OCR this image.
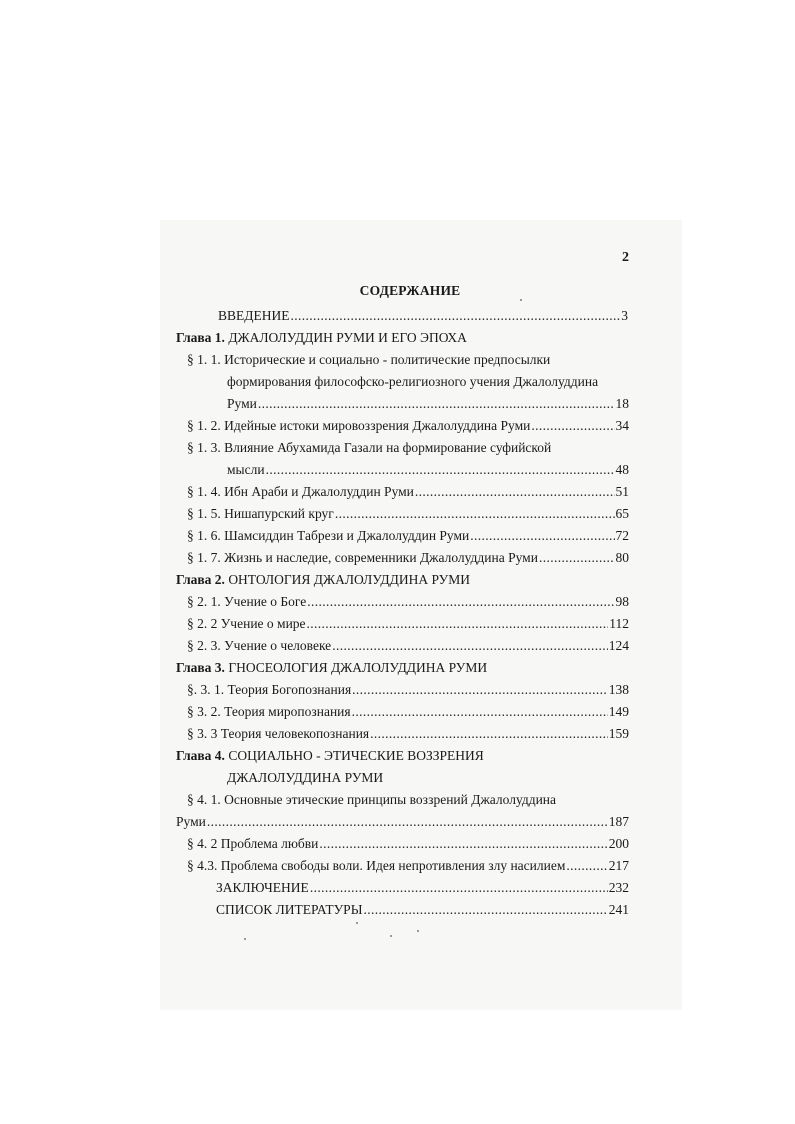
2
СОДЕРЖАНИЕ
ВВЕДЕНИЕ . . .	3
Глава 1. ДЖАЛОЛУДДИН РУМИ И ЕГО ЭПОХА
§ 1. 1. Исторические и социально - политические предпосылки
формирования философско-религиозного учения Джалолуддина
Руми . . .	18
§ 1. 2. Идейные истоки мировоззрения Джалолуддина Руми . . .	34
§ 1. 3. Влияние Абухамида Газали на формирование суфийской
мысли . . .	48
§ 1. 4. Ибн Араби и Джалолуддин Руми . . .	51
§ 1. 5. Нишапурский круг . . .	65
§ 1. 6. Шамсиддин Табрези и Джалолуддин Руми . . .	72
§ 1. 7. Жизнь и наследие, современники Джалолуддина Руми . . .	80
Глава 2. ОНТОЛОГИЯ ДЖАЛОЛУДДИНА РУМИ
§ 2. 1. Учение о Боге . . .	98
§ 2. 2 Учение о мире . . .	112
§ 2. 3. Учение о человеке . . .	124
Глава 3. ГНОСЕОЛОГИЯ ДЖАЛОЛУДДИНА РУМИ
§. 3. 1. Теория Богопознания . . .	138
§ 3. 2. Теория миропознания . . .	149
§ 3. 3 Теория человекопознания . . .	159
Глава 4. СОЦИАЛЬНО - ЭТИЧЕСКИЕ ВОЗЗРЕНИЯ
ДЖАЛОЛУДДИНА РУМИ
§ 4. 1. Основные этические принципы воззрений Джалолуддина
Руми . . .	187
§ 4. 2 Проблема любви . . .	200
§ 4.3. Проблема свободы воли. Идея непротивления злу насилием . . .	217
ЗАКЛЮЧЕНИЕ . . .	232
СПИСОК ЛИТЕРАТУРЫ . . .	241
